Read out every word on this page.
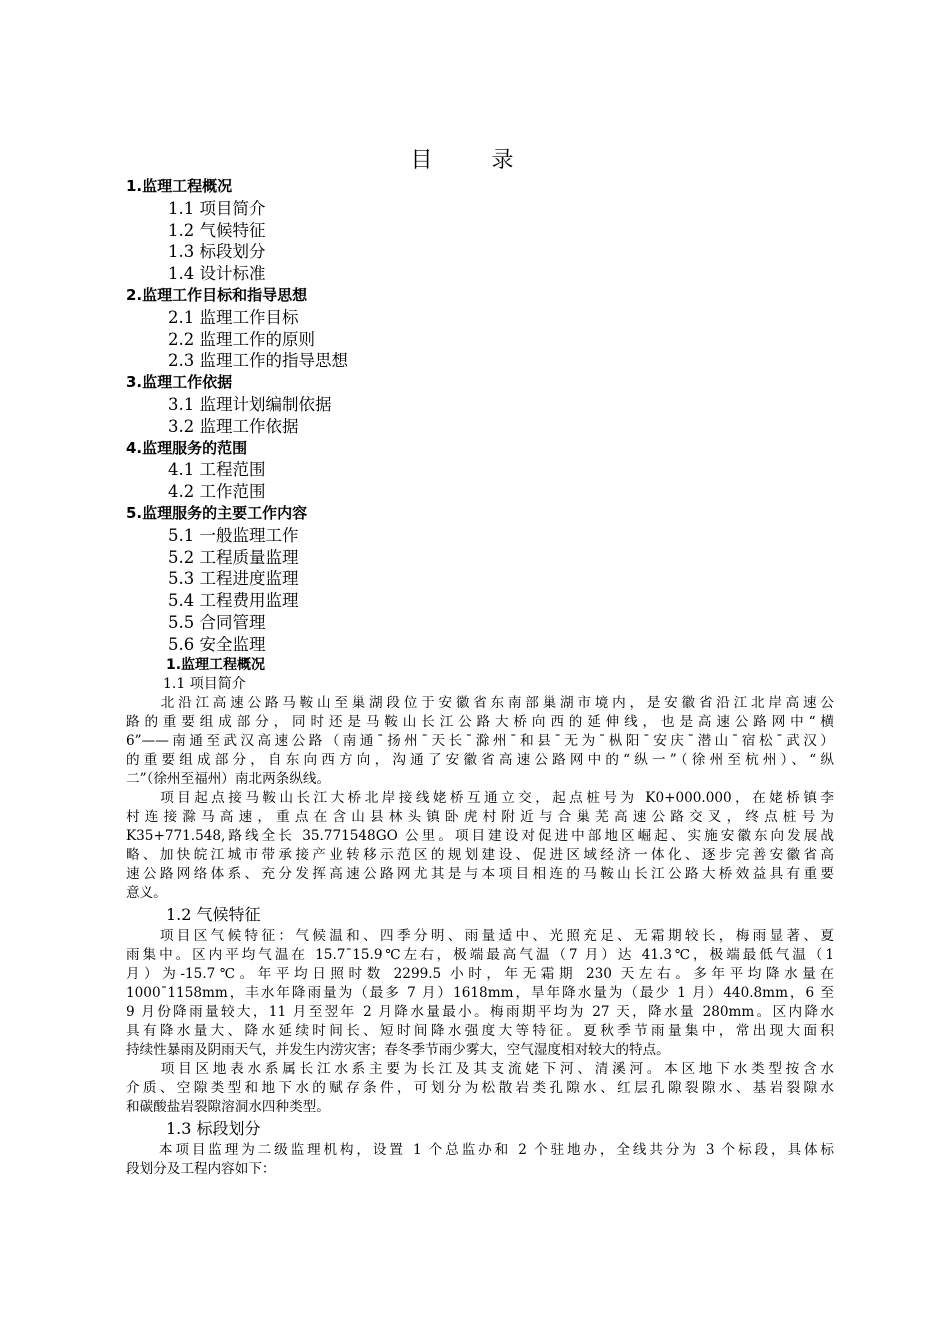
目 录
1.监理工程概况
1.1 项目简介
1.2 气候特征
1.3 标段划分
1.4 设计标准
2.监理工作目标和指导思想
2.1 监理工作目标
2.2 监理工作的原则
2.3 监理工作的指导思想
3.监理工作依据
3.1 监理计划编制依据
3.2 监理工作依据
4.监理服务的范围
4.1 工程范围
4.2 工作范围
5.监理服务的主要工作内容
5.1 一般监理工作
5.2 工程质量监理
5.3 工程进度监理
5.4 工程费用监理
5.5 合同管理
5.6 安全监理
1.监理工程概况
1.1 项目简介
　　北沿江高速公路马鞍山至巢湖段位于安徽省东南部巢湖市境内，是安徽省沿江北岸高速公
路的重要组成部分，同时还是马鞍山长江公路大桥向西的延伸线，也是高速公路网中“横
6”——南通至武汉高速公路（南通¯扬州¯天长¯滁州¯和县¯无为¯枞阳¯安庆¯潜山¯宿松¯武汉）
的重要组成部分，自东向西方向，沟通了安徽省高速公路网中的“纵一”（徐州至杭州）、“纵
二”（徐州至福州）南北两条纵线。
　　项目起点接马鞍山长江大桥北岸接线姥桥互通立交，起点桩号为 K0+000.000，在姥桥镇李
村连接滁马高速，重点在含山县林头镇卧虎村附近与合巢芜高速公路交叉，终点桩号为
K35+771.548,路线全长 35.771548GO 公里。项目建设对促进中部地区崛起、实施安徽东向发展战
略、加快皖江城市带承接产业转移示范区的规划建设、促进区域经济一体化、逐步完善安徽省高
速公路网络体系、充分发挥高速公路网尤其是与本项目相连的马鞍山长江公路大桥效益具有重要
意义。
1.2 气候特征
　　项目区气候特征：气候温和、四季分明、雨量适中、光照充足、无霜期较长，梅雨显著、夏
雨集中。区内平均气温在 15.7¯15.9℃左右，极端最高气温（7 月）达 41.3℃，极端最低气温（1
月）为-15.7℃。年平均日照时数 2299.5 小时，年无霜期 230 天左右。多年平均降水量在
1000¯1158mm，丰水年降雨量为（最多 7 月）1618mm，旱年降水量为（最少 1 月）440.8mm，6 至
9 月份降雨量较大，11 月至翌年 2 月降水量最小。梅雨期平均为 27 天，降水量 280mm。区内降水
具有降水量大、降水延续时间长、短时间降水强度大等特征。夏秋季节雨量集中，常出现大面积
持续性暴雨及阴雨天气，并发生内涝灾害；春冬季节雨少雾大，空气湿度相对较大的特点。
　　项目区地表水系属长江水系主要为长江及其支流姥下河、清溪河。本区地下水类型按含水
介质、空隙类型和地下水的赋存条件，可划分为松散岩类孔隙水、红层孔隙裂隙水、基岩裂隙水
和碳酸盐岩裂隙溶洞水四种类型。
1.3 标段划分
　　本项目监理为二级监理机构，设置 1 个总监办和 2 个驻地办，全线共分为 3 个标段，具体标
段划分及工程内容如下：
